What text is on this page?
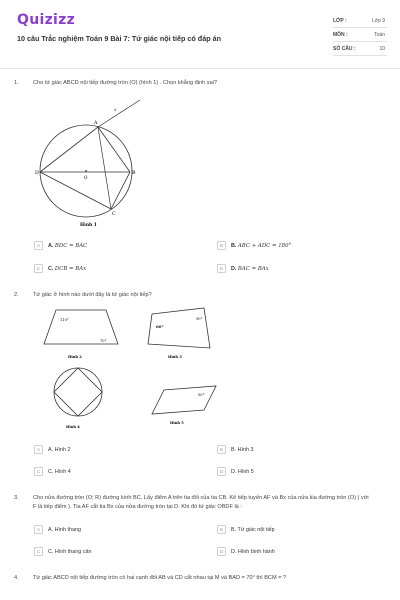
Quizizz
10 câu Trắc nghiệm Toán 9 Bài 7: Tứ giác nội tiếp có đáp án
LỚP :	Lớp 9
MÔN :	Toán
SỐ CÂU :	10
1.	Cho tứ giác ABCD nội tiếp đường tròn (O) (hình 1) . Chọn khẳng định sai?
A
B
C
D
O
x
Hình 1
A	A. BDC = BAC	B	B. ABC + ADC = 180°
C	C. DCB = BAx	D	D. BAC = BAx
2.	Tứ giác ở hình nào dưới đây là tứ giác nội tiếp?
110°
70°
Hình 2
60°
90°
Hình 3
Hình 4
50°
Hình 5
A	A. Hình 2	B	B. Hình 3
C	C. Hình 4	D	D. Hình 5
3.	Cho nửa đường tròn (O; R) đường kính BC. Lấy điểm A trên tia đối của tia CB. Kẻ tiếp tuyến AF và Bx của nửa kia đường tròn (O) ( với F là tiếp điểm ). Tia AF cắt tia Bx của nửa đường tròn tại D. Khi đó tứ giác OBDF là :
A	A. Hình thang	B	B. Tứ giác nội tiếp
C	C. Hình thang cân	D	D. Hình bình hành
4.	Tứ giác ABCD nội tiếp đường tròn có hai cạnh đối AB và CD cắt nhau tại M và BAD = 70° thì BCM = ?
